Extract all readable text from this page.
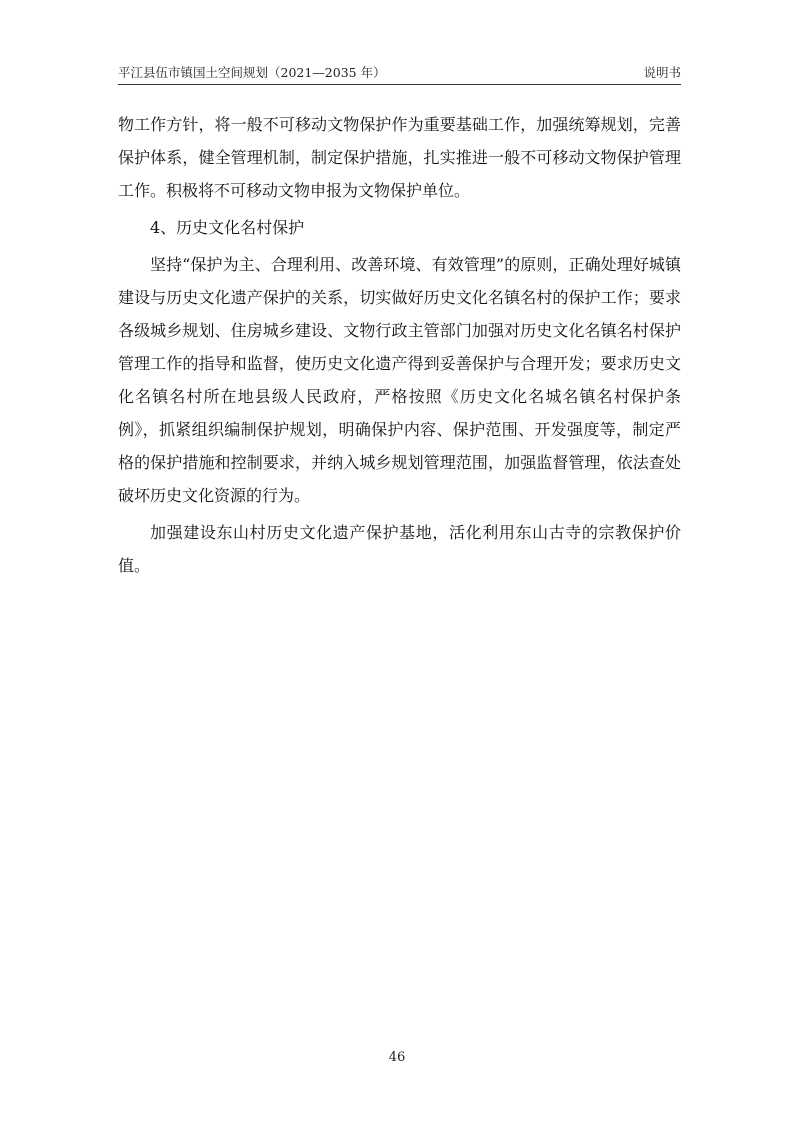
平江县伍市镇国土空间规划（2021—2035 年）	说明书

物工作方针，将一般不可移动文物保护作为重要基础工作，加强统筹规划，完善保护体系，健全管理机制，制定保护措施，扎实推进一般不可移动文物保护管理工作。积极将不可移动文物申报为文物保护单位。

4、历史文化名村保护

坚持“保护为主、合理利用、改善环境、有效管理”的原则，正确处理好城镇建设与历史文化遗产保护的关系，切实做好历史文化名镇名村的保护工作；要求各级城乡规划、住房城乡建设、文物行政主管部门加强对历史文化名镇名村保护管理工作的指导和监督，使历史文化遗产得到妥善保护与合理开发；要求历史文化名镇名村所在地县级人民政府，严格按照《历史文化名城名镇名村保护条例》，抓紧组织编制保护规划，明确保护内容、保护范围、开发强度等，制定严格的保护措施和控制要求，并纳入城乡规划管理范围，加强监督管理，依法查处破坏历史文化资源的行为。

加强建设东山村历史文化遗产保护基地，活化利用东山古寺的宗教保护价值。

46
